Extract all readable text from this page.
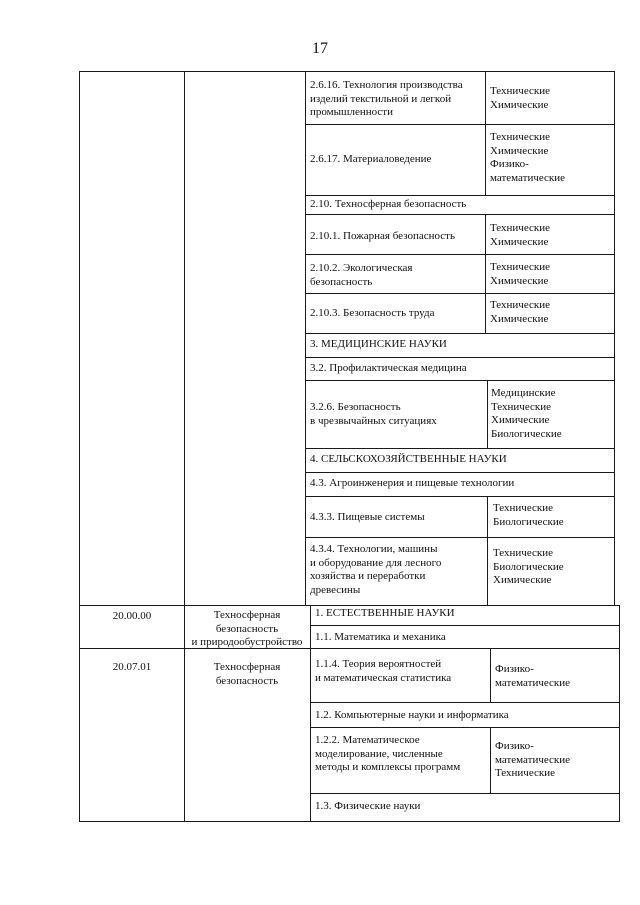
17
2.6.16. Технология производства
изделий текстильной и легкой
промышленности
Технические
Химические
2.6.17. Материаловедение
Технические
Химические
Физико-
математические
2.10. Техносферная безопасность
2.10.1. Пожарная безопасность
Технические
Химические
2.10.2. Экологическая
безопасность
Технические
Химические
2.10.3. Безопасность труда
Технические
Химические
3. МЕДИЦИНСКИЕ НАУКИ
3.2. Профилактическая медицина
3.2.6. Безопасность
в чрезвычайных ситуациях
Медицинские
Технические
Химические
Биологические
4. СЕЛЬСКОХОЗЯЙСТВЕННЫЕ НАУКИ
4.3. Агроинженерия и пищевые технологии
4.3.3. Пищевые системы
Технические
Биологические
4.3.4. Технологии, машины
и оборудование для лесного
хозяйства и переработки
древесины
Технические
Биологические
Химические
20.00.00	Техносферная
безопасность
и природообустройство
1. ЕСТЕСТВЕННЫЕ НАУКИ
1.1. Математика и механика
20.07.01	Техносферная
безопасность
1.1.4. Теория вероятностей
и математическая статистика
Физико-
математические
1.2. Компьютерные науки и информатика
1.2.2. Математическое
моделирование, численные
методы и комплексы программ
Физико-
математические
Технические
1.3. Физические науки
